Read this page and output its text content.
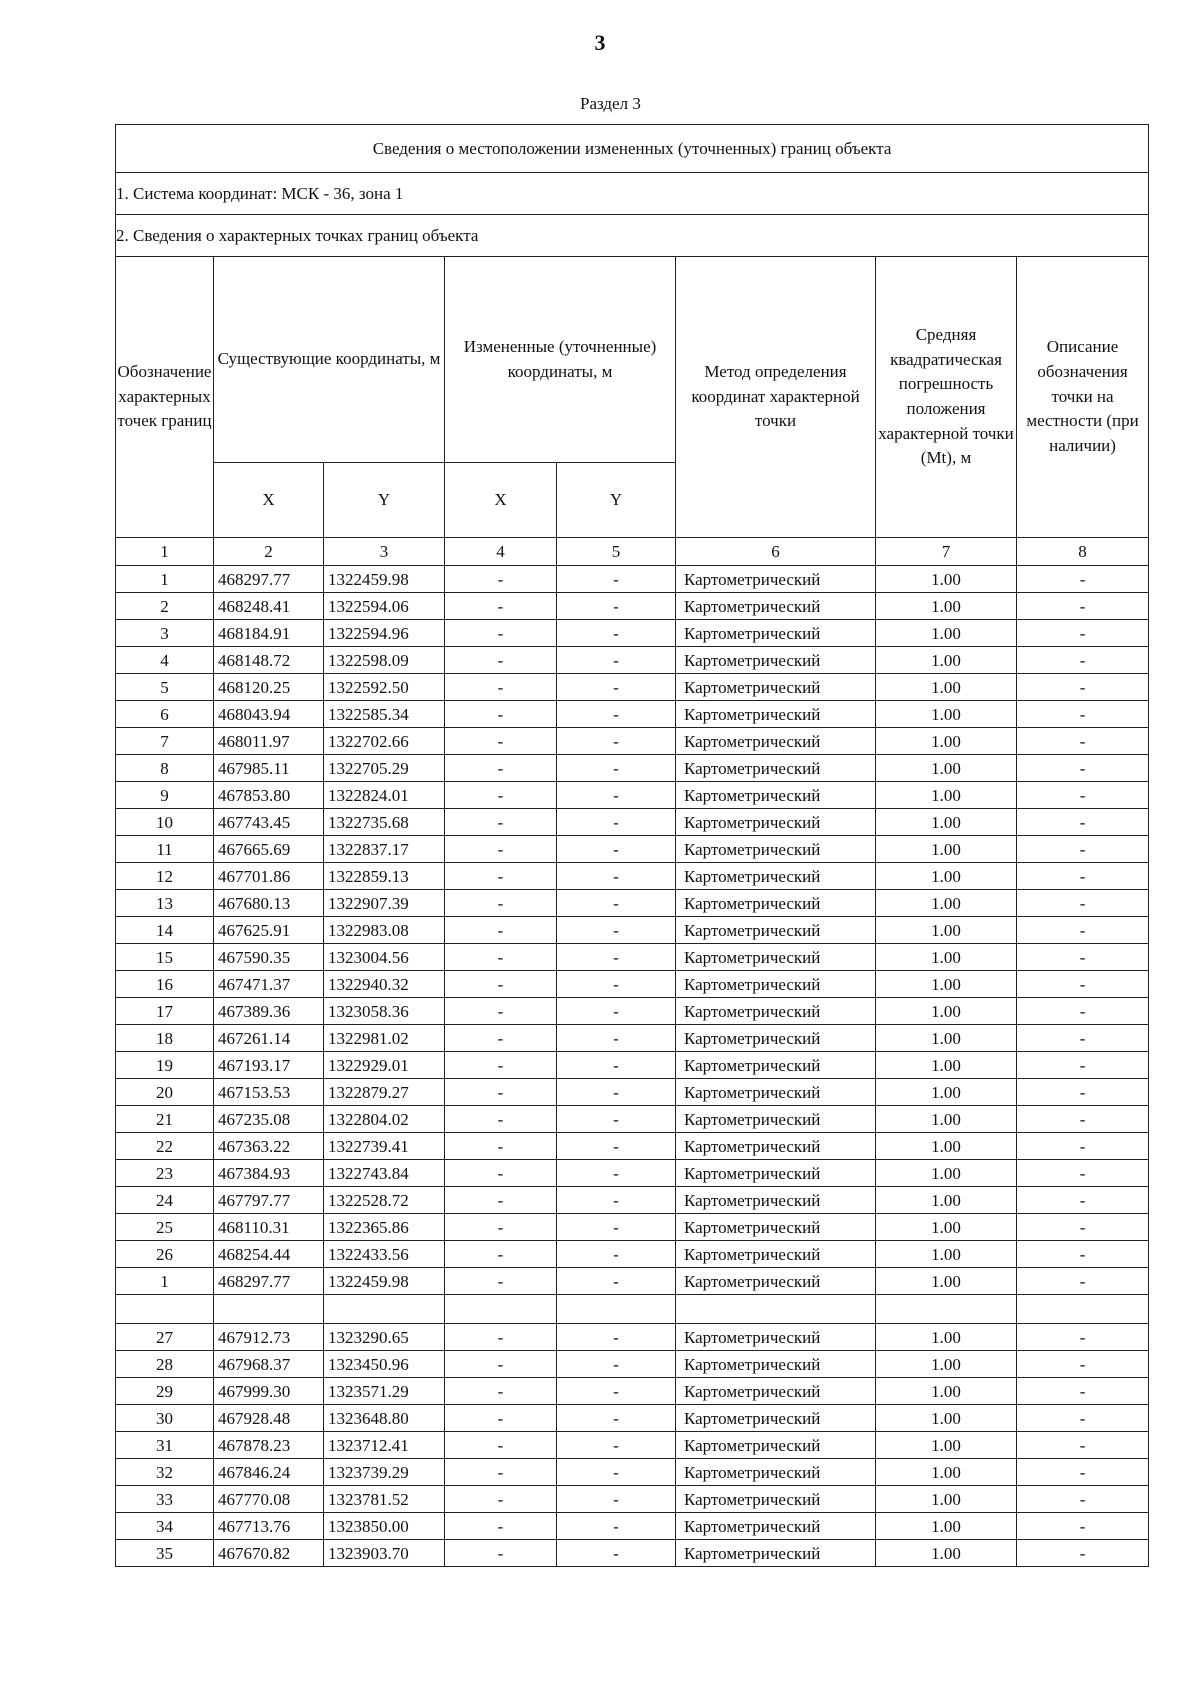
3
Раздел 3
Сведения о местоположении измененных (уточненных) границ объекта							
1. Система координат: МСК - 36, зона 1							
2. Сведения о характерных точках границ объекта							
Обозначение характерных точек границ	Существующие координаты, м		Измененные (уточненные) координаты, м		Метод определения координат характерной точки	Средняя квадратическая погрешность положения характерной точки (Mt), м	Описание обозначения точки на местности (при наличии)
	X	Y	X	Y			
1	2	3	4	5	6	7	8
1	468297.77	1322459.98	-	-	Картометрический	1.00	-
2	468248.41	1322594.06	-	-	Картометрический	1.00	-
3	468184.91	1322594.96	-	-	Картометрический	1.00	-
4	468148.72	1322598.09	-	-	Картометрический	1.00	-
5	468120.25	1322592.50	-	-	Картометрический	1.00	-
6	468043.94	1322585.34	-	-	Картометрический	1.00	-
7	468011.97	1322702.66	-	-	Картометрический	1.00	-
8	467985.11	1322705.29	-	-	Картометрический	1.00	-
9	467853.80	1322824.01	-	-	Картометрический	1.00	-
10	467743.45	1322735.68	-	-	Картометрический	1.00	-
11	467665.69	1322837.17	-	-	Картометрический	1.00	-
12	467701.86	1322859.13	-	-	Картометрический	1.00	-
13	467680.13	1322907.39	-	-	Картометрический	1.00	-
14	467625.91	1322983.08	-	-	Картометрический	1.00	-
15	467590.35	1323004.56	-	-	Картометрический	1.00	-
16	467471.37	1322940.32	-	-	Картометрический	1.00	-
17	467389.36	1323058.36	-	-	Картометрический	1.00	-
18	467261.14	1322981.02	-	-	Картометрический	1.00	-
19	467193.17	1322929.01	-	-	Картометрический	1.00	-
20	467153.53	1322879.27	-	-	Картометрический	1.00	-
21	467235.08	1322804.02	-	-	Картометрический	1.00	-
22	467363.22	1322739.41	-	-	Картометрический	1.00	-
23	467384.93	1322743.84	-	-	Картометрический	1.00	-
24	467797.77	1322528.72	-	-	Картометрический	1.00	-
25	468110.31	1322365.86	-	-	Картометрический	1.00	-
26	468254.44	1322433.56	-	-	Картометрический	1.00	-
1	468297.77	1322459.98	-	-	Картометрический	1.00	-

27	467912.73	1323290.65	-	-	Картометрический	1.00	-
28	467968.37	1323450.96	-	-	Картометрический	1.00	-
29	467999.30	1323571.29	-	-	Картометрический	1.00	-
30	467928.48	1323648.80	-	-	Картометрический	1.00	-
31	467878.23	1323712.41	-	-	Картометрический	1.00	-
32	467846.24	1323739.29	-	-	Картометрический	1.00	-
33	467770.08	1323781.52	-	-	Картометрический	1.00	-
34	467713.76	1323850.00	-	-	Картометрический	1.00	-
35	467670.82	1323903.70	-	-	Картометрический	1.00	-
